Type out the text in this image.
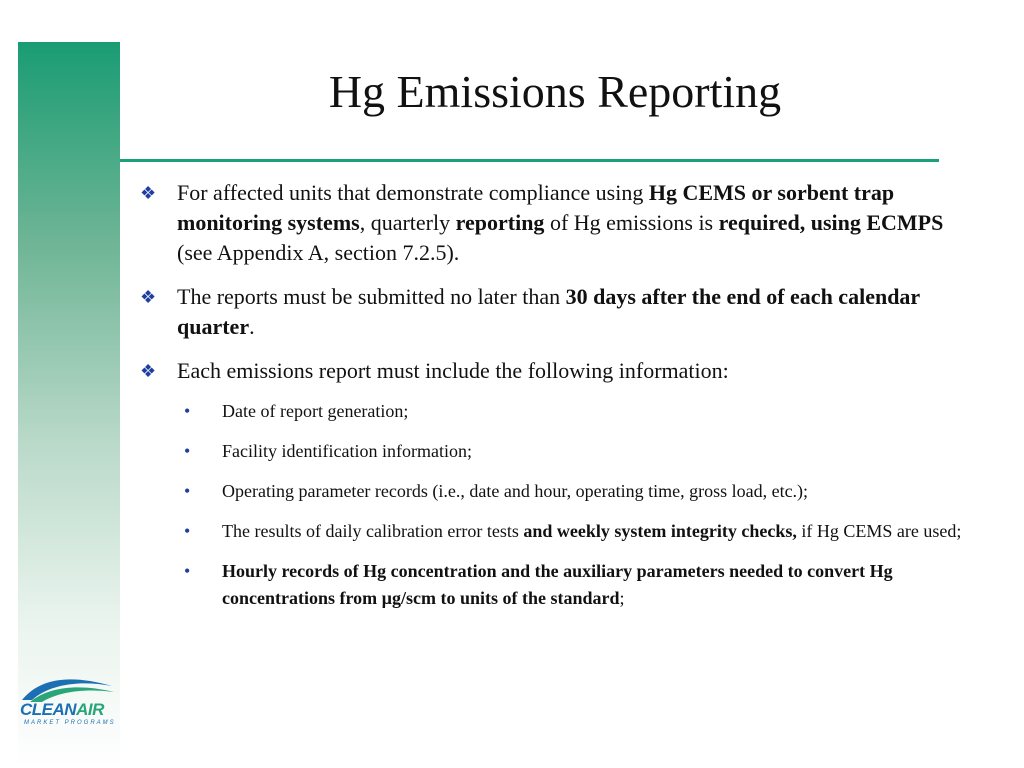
Hg Emissions Reporting
❖ For affected units that demonstrate compliance using Hg CEMS or sorbent trap monitoring systems, quarterly reporting of Hg emissions is required, using ECMPS (see Appendix A, section 7.2.5).
❖ The reports must be submitted no later than 30 days after the end of each calendar quarter.
❖ Each emissions report must include the following information:
• Date of report generation;
• Facility identification information;
• Operating parameter records (i.e., date and hour, operating time, gross load, etc.);
• The results of daily calibration error tests and weekly system integrity checks, if Hg CEMS are used;
• Hourly records of Hg concentration and the auxiliary parameters needed to convert Hg concentrations from µg/scm to units of the standard;
CLEANAIR
MARKET PROGRAMS
